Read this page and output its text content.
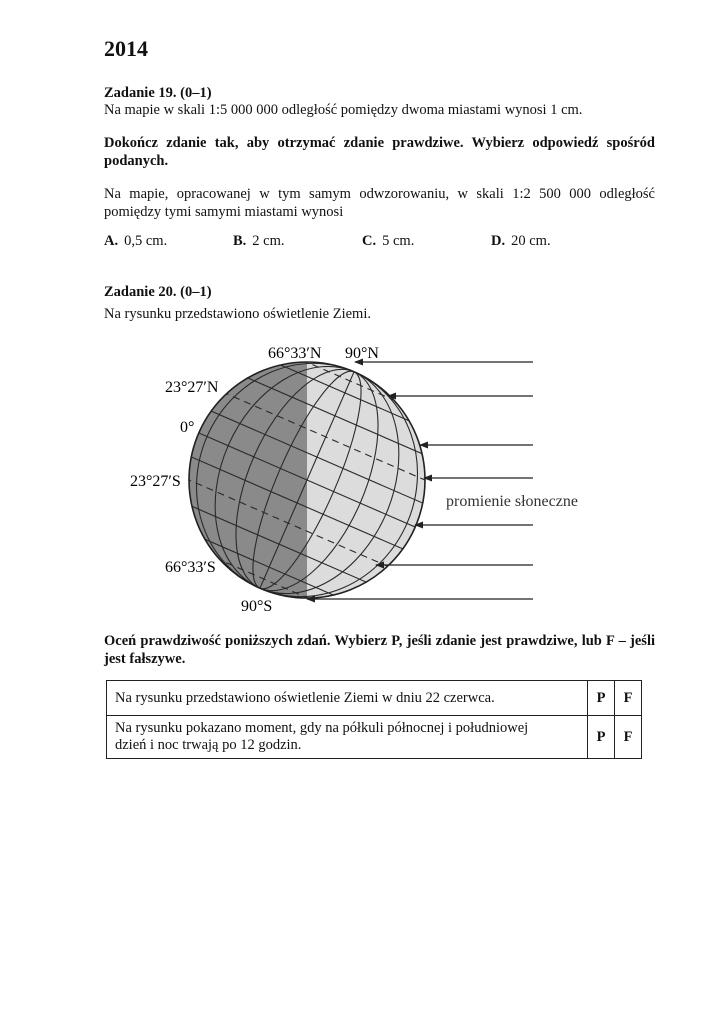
2014
Zadanie 19. (0–1)
Na mapie w skali 1:5 000 000 odległość pomiędzy dwoma miastami wynosi 1 cm.
Dokończ zdanie tak, aby otrzymać zdanie prawdziwe. Wybierz odpowiedź spośród
podanych.
Na mapie, opracowanej w tym samym odwzorowaniu, w skali 1:2 500 000 odległość
pomiędzy tymi samymi miastami wynosi
A. 0,5 cm.	B. 2 cm.	C. 5 cm.	D. 20 cm.
Zadanie 20. (0–1)
Na rysunku przedstawiono oświetlenie Ziemi.
66°33′N 90°N
23°27′N
0°
23°27′S
66°33′S
90°S
promienie słoneczne
Oceń prawdziwość poniższych zdań. Wybierz P, jeśli zdanie jest prawdziwe, lub F – jeśli
jest fałszywe.
Na rysunku przedstawiono oświetlenie Ziemi w dniu 22 czerwca.	P	F

Na rysunku pokazano moment, gdy na półkuli północnej i południowej
dzień i noc trwają po 12 godzin.	P	F
